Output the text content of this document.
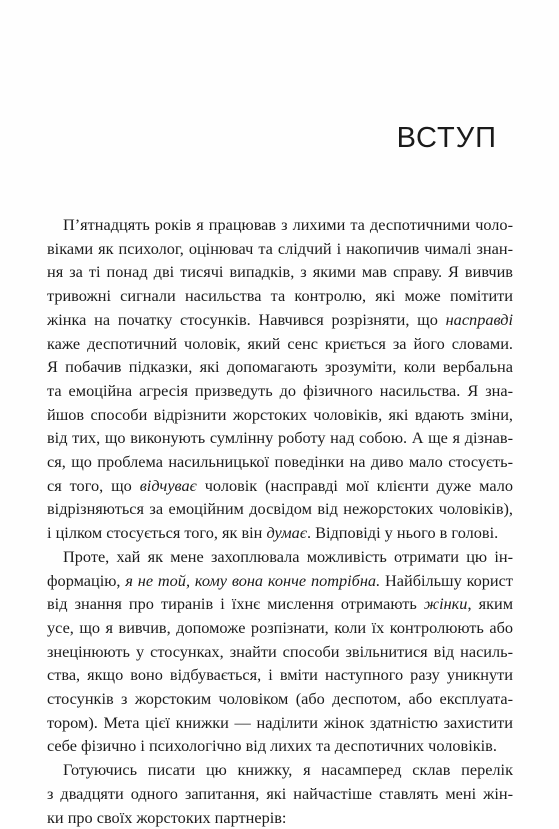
ВСТУП
П’ятнадцять років я працював з лихими та деспотичними чоло-
віками як психолог, оцінювач та слідчий і накопичив чималі знан-
ня за ті понад дві тисячі випадків, з якими мав справу. Я вивчив
тривожні сигнали насильства та контролю, які може помітити
жінка на початку стосунків. Навчився розрізняти, що насправді
каже деспотичний чоловік, який сенс криється за його словами.
Я побачив підказки, які допомагають зрозуміти, коли вербальна
та емоційна агресія призведуть до фізичного насильства. Я зна-
йшов способи відрізнити жорстоких чоловіків, які вдають зміни,
від тих, що виконують сумлінну роботу над собою. А ще я дізнав-
ся, що проблема насильницької поведінки на диво мало стосуєть-
ся того, що відчуває чоловік (насправді мої клієнти дуже мало
відрізняються за емоційним досвідом від нежорстоких чоловіків),
і цілком стосується того, як він думає. Відповіді у нього в голові.
Проте, хай як мене захоплювала можливість отримати цю ін-
формацію, я не той, кому вона конче потрібна. Найбільшу корист
від знання про тиранів і їхнє мислення отримають жінки, яким
усе, що я вивчив, допоможе розпізнати, коли їх контролюють або
знецінюють у стосунках, знайти способи звільнитися від насиль-
ства, якщо воно відбувається, і вміти наступного разу уникнути
стосунків з жорстоким чоловіком (або деспотом, або експлуата-
тором). Мета цієї книжки — наділити жінок здатністю захистити
себе фізично і психологічно від лихих та деспотичних чоловіків.
Готуючись писати цю книжку, я насамперед склав перелік
з двадцяти одного запитання, які найчастіше ставлять мені жін-
ки про своїх жорстоких партнерів:
